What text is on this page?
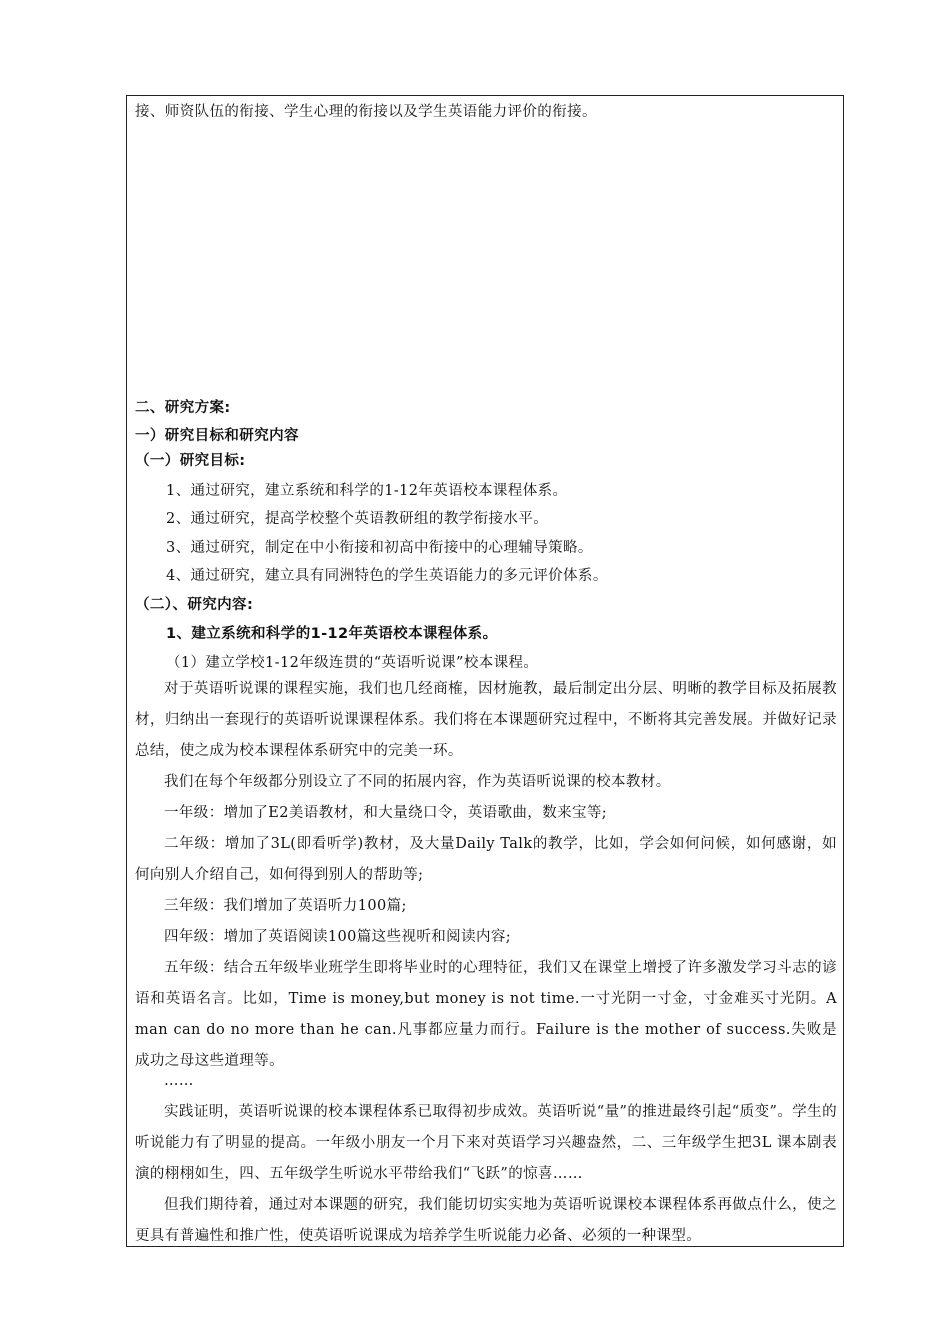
接、师资队伍的衔接、学生心理的衔接以及学生英语能力评价的衔接。
二、研究方案:
一）研究目标和研究内容
（一）研究目标:
1、通过研究，建立系统和科学的1-12年英语校本课程体系。
2、通过研究，提高学校整个英语教研组的教学衔接水平。
3、通过研究，制定在中小衔接和初高中衔接中的心理辅导策略。
4、通过研究，建立具有同洲特色的学生英语能力的多元评价体系。
（二）、研究内容:
1、建立系统和科学的1-12年英语校本课程体系。
（1）建立学校1-12年级连贯的“英语听说课”校本课程。
对于英语听说课的课程实施，我们也几经商榷，因材施教，最后制定出分层、明晰的教学目标及拓展教材，归纳出一套现行的英语听说课课程体系。我们将在本课题研究过程中，不断将其完善发展。并做好记录总结，使之成为校本课程体系研究中的完美一环。
我们在每个年级都分别设立了不同的拓展内容，作为英语听说课的校本教材。
一年级：增加了E2美语教材，和大量绕口令，英语歌曲，数来宝等;
二年级：增加了3L(即看听学)教材，及大量Daily Talk的教学，比如，学会如何问候，如何感谢，如何向别人介绍自己，如何得到别人的帮助等;
三年级：我们增加了英语听力100篇;
四年级：增加了英语阅读100篇这些视听和阅读内容;
五年级：结合五年级毕业班学生即将毕业时的心理特征，我们又在课堂上增授了许多激发学习斗志的谚语和英语名言。比如，Time is money,but money is not time.一寸光阴一寸金，寸金难买寸光阴。A man can do no more than he can.凡事都应量力而行。Failure is the mother of success.失败是成功之母这些道理等。
……
实践证明，英语听说课的校本课程体系已取得初步成效。英语听说“量”的推进最终引起“质变”。学生的听说能力有了明显的提高。一年级小朋友一个月下来对英语学习兴趣盎然，二、三年级学生把3L 课本剧表演的栩栩如生，四、五年级学生听说水平带给我们“飞跃”的惊喜……
但我们期待着，通过对本课题的研究，我们能切切实实地为英语听说课校本课程体系再做点什么，使之更具有普遍性和推广性，使英语听说课成为培养学生听说能力必备、必须的一种课型。
